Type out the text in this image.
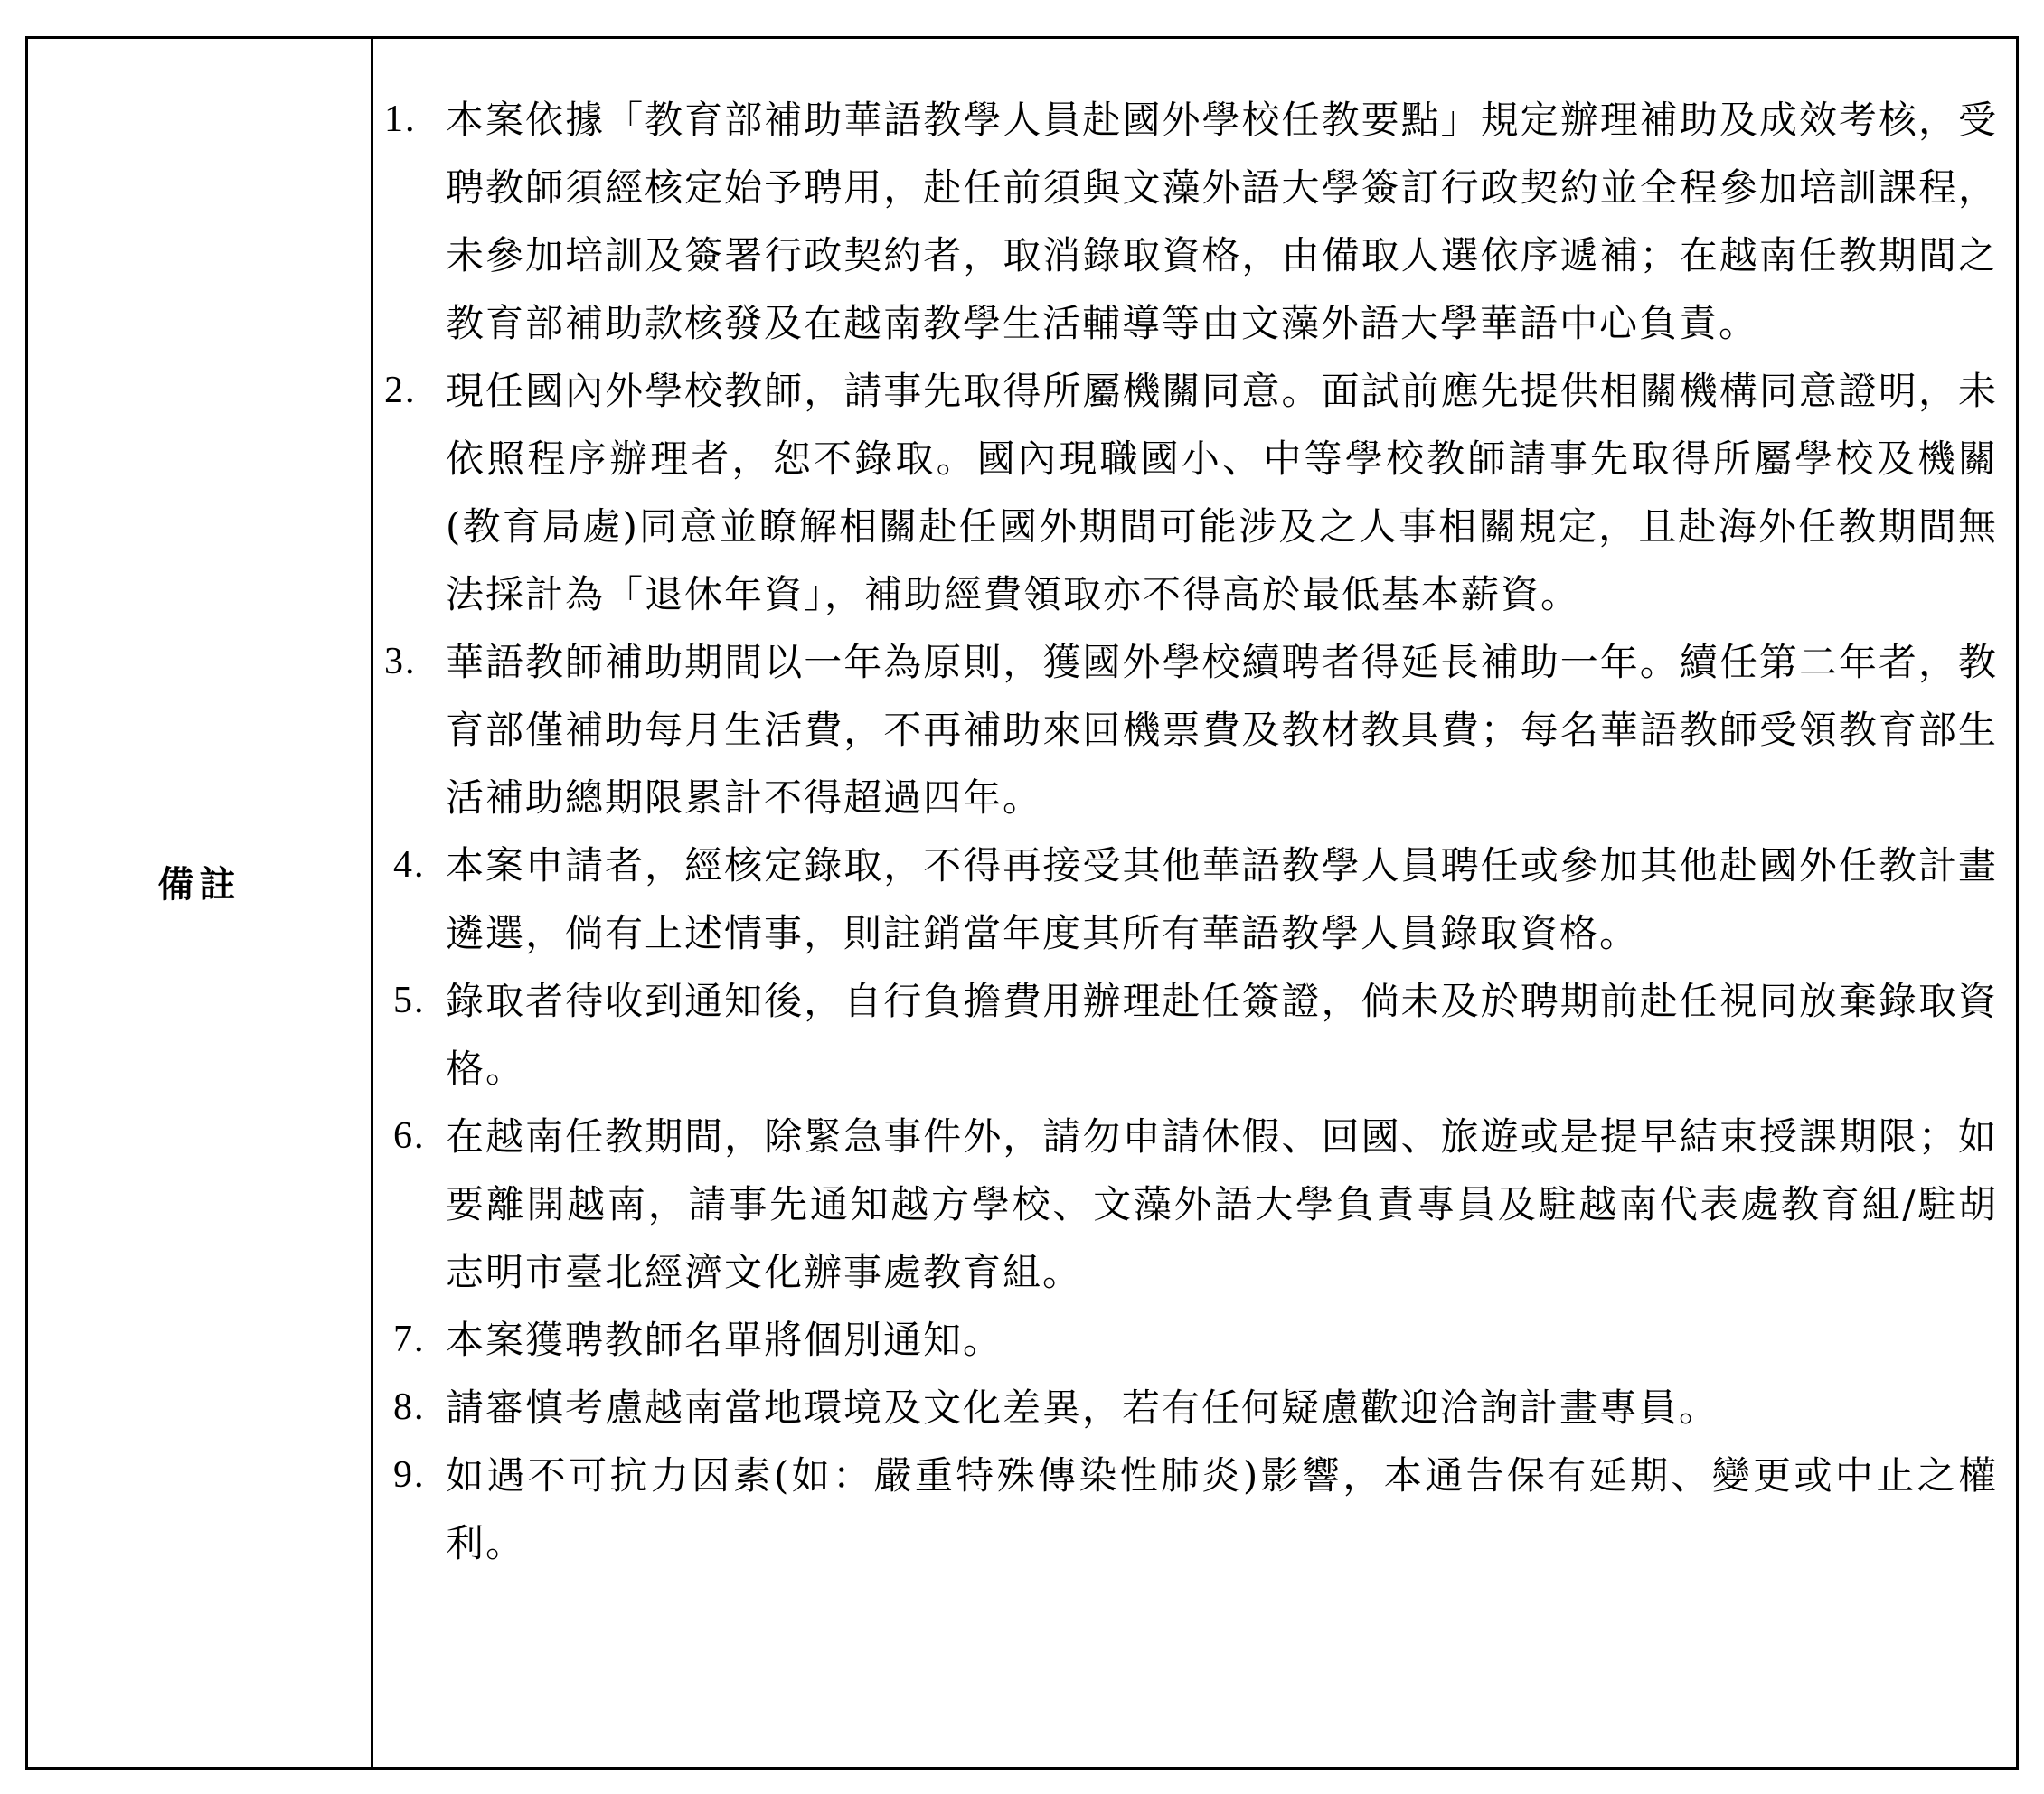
備註
1. 本案依據「教育部補助華語教學人員赴國外學校任教要點」規定辦理補助及成效考核，受聘教師須經核定始予聘用，赴任前須與文藻外語大學簽訂行政契約並全程參加培訓課程，未參加培訓及簽署行政契約者，取消錄取資格，由備取人選依序遞補；在越南任教期間之教育部補助款核發及在越南教學生活輔導等由文藻外語大學華語中心負責。
2. 現任國內外學校教師，請事先取得所屬機關同意。面試前應先提供相關機構同意證明，未依照程序辦理者，恕不錄取。國內現職國小、中等學校教師請事先取得所屬學校及機關(教育局處)同意並瞭解相關赴任國外期間可能涉及之人事相關規定，且赴海外任教期間無法採計為「退休年資」，補助經費領取亦不得高於最低基本薪資。
3. 華語教師補助期間以一年為原則，獲國外學校續聘者得延長補助一年。續任第二年者，教育部僅補助每月生活費，不再補助來回機票費及教材教具費；每名華語教師受領教育部生活補助總期限累計不得超過四年。
4. 本案申請者，經核定錄取，不得再接受其他華語教學人員聘任或參加其他赴國外任教計畫遴選，倘有上述情事，則註銷當年度其所有華語教學人員錄取資格。
5. 錄取者待收到通知後，自行負擔費用辦理赴任簽證，倘未及於聘期前赴任視同放棄錄取資格。
6. 在越南任教期間，除緊急事件外，請勿申請休假、回國、旅遊或是提早結束授課期限；如要離開越南，請事先通知越方學校、文藻外語大學負責專員及駐越南代表處教育組/駐胡志明市臺北經濟文化辦事處教育組。
7. 本案獲聘教師名單將個別通知。
8. 請審慎考慮越南當地環境及文化差異，若有任何疑慮歡迎洽詢計畫專員。
9. 如遇不可抗力因素(如：嚴重特殊傳染性肺炎)影響，本通告保有延期、變更或中止之權利。
